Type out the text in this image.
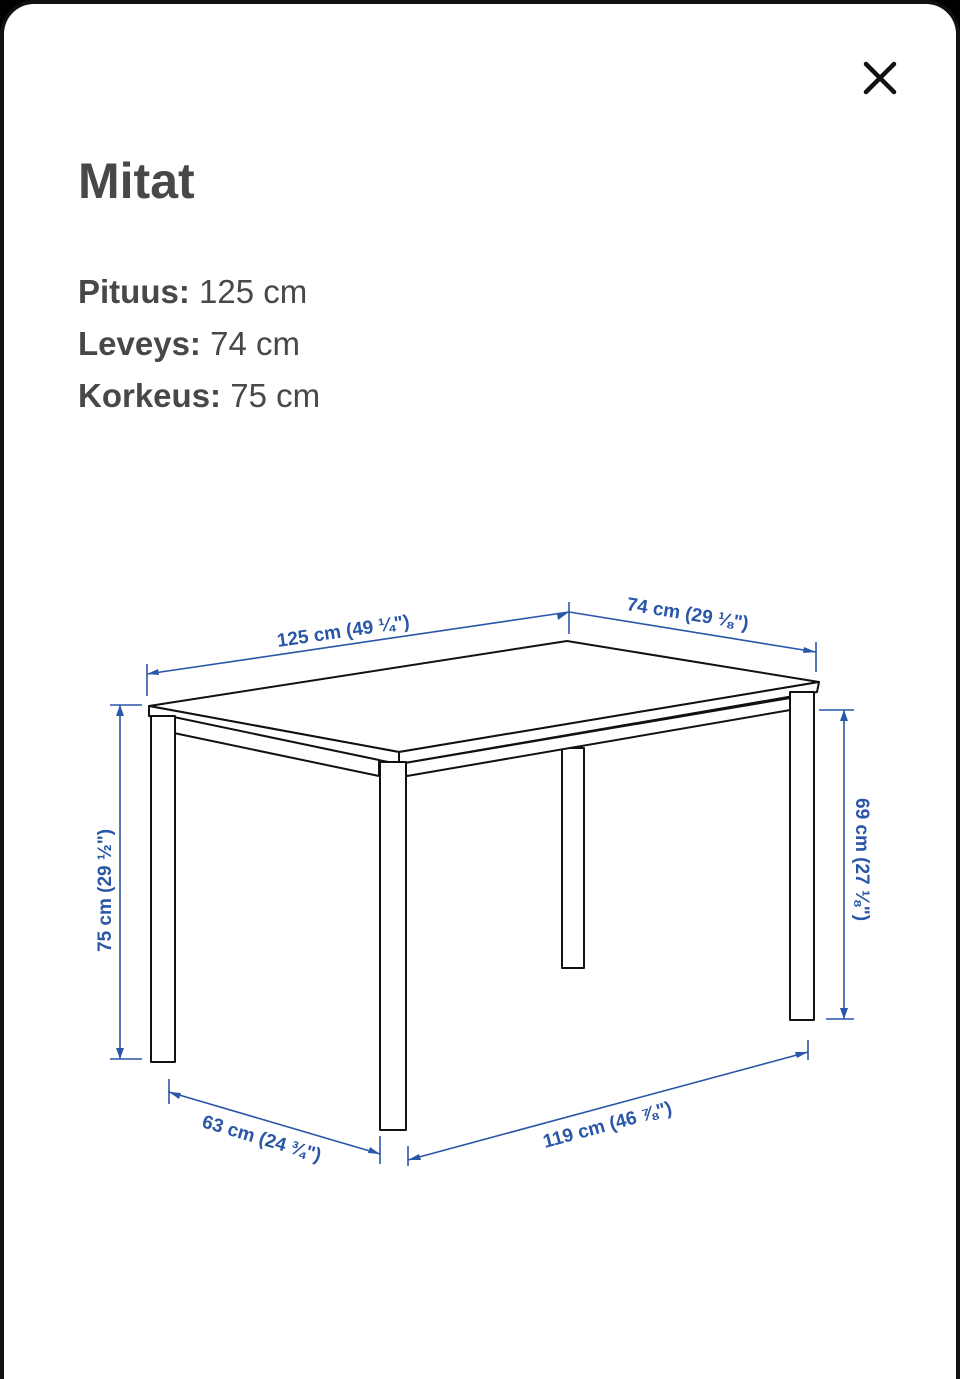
Mitat
Pituus: 125 cm
Leveys: 74 cm
Korkeus: 75 cm
125 cm (49 ¼")	74 cm (29 ⅛")
75 cm (29 ½")	69 cm (27 ⅛")
63 cm (24 ¾")	119 cm (46 ⅞")
